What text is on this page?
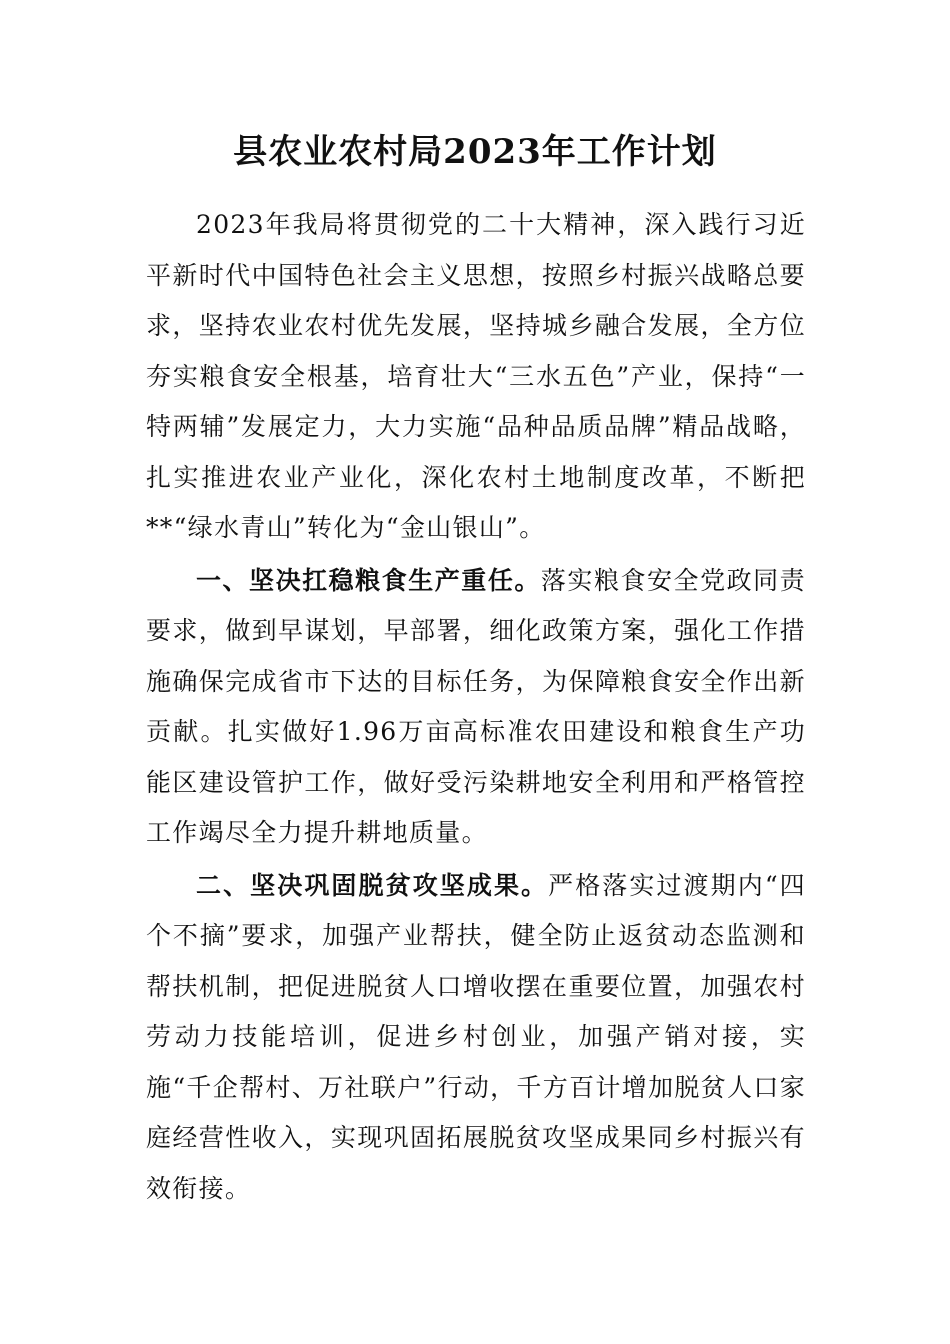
县农业农村局2023年工作计划

2023年我局将贯彻党的二十大精神，深入践行习近平新时代中国特色社会主义思想，按照乡村振兴战略总要求，坚持农业农村优先发展，坚持城乡融合发展，全方位夯实粮食安全根基，培育壮大“三水五色”产业，保持“一特两辅”发展定力，大力实施“品种品质品牌”精品战略，扎实推进农业产业化，深化农村土地制度改革，不断把**“绿水青山”转化为“金山银山”。

一、坚决扛稳粮食生产重任。落实粮食安全党政同责要求，做到早谋划，早部署，细化政策方案，强化工作措施确保完成省市下达的目标任务，为保障粮食安全作出新贡献。扎实做好1.96万亩高标准农田建设和粮食生产功能区建设管护工作，做好受污染耕地安全利用和严格管控工作竭尽全力提升耕地质量。

二、坚决巩固脱贫攻坚成果。严格落实过渡期内“四个不摘”要求，加强产业帮扶，健全防止返贫动态监测和帮扶机制，把促进脱贫人口增收摆在重要位置，加强农村劳动力技能培训，促进乡村创业，加强产销对接，实施“千企帮村、万社联户”行动，千方百计增加脱贫人口家庭经营性收入，实现巩固拓展脱贫攻坚成果同乡村振兴有效衔接。
